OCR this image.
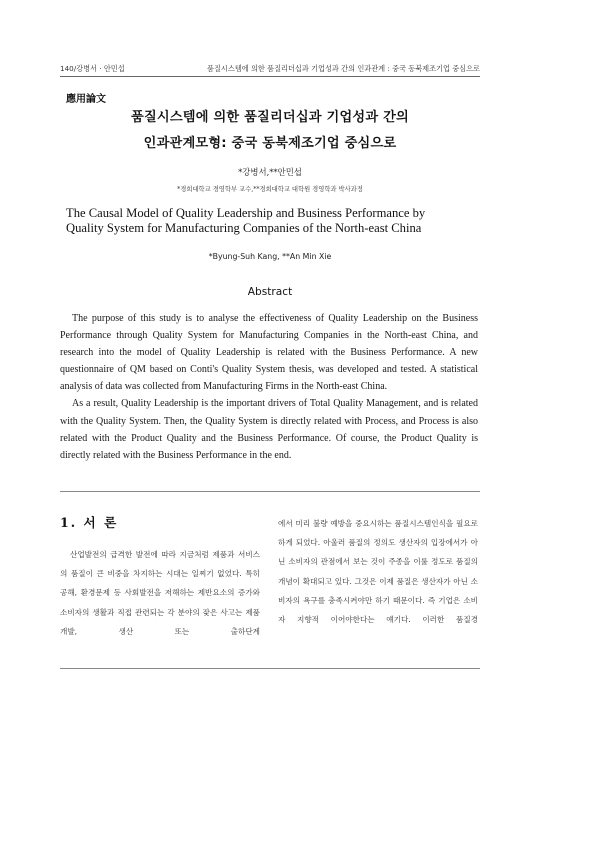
140/강병서 · 안민섭	품질시스템에 의한 품질리더십과 기업성과 간의 인과관계 : 중국 동북제조기업 중심으로
應用論文
품질시스템에 의한 품질리더십과 기업성과 간의
인과관계모형: 중국 동북제조기업 중심으로
*강병서,**안민섭
*경희대학교 경영학부 교수,**경희대학교 대학원 경영학과 박사과정
The Causal Model of Quality Leadership and Business Performance by
Quality System for Manufacturing Companies of the North-east China
*Byung-Suh Kang, **An Min Xie
Abstract

The purpose of this study is to analyse the effectiveness of Quality Leadership on the Business Performance through Quality System for Manufacturing Companies in the North-east China, and research into the model of Quality Leadership is related with the Business Performance. A new questionnaire of QM based on Conti's Quality System thesis, was developed and tested. A statistical analysis of data was collected from Manufacturing Firms in the North-east China.

As a result, Quality Leadership is the important drivers of Total Quality Management, and is related with the Quality System. Then, the Quality System is directly related with Process, and Process is also related with the Product Quality and the Business Performance. Of course, the Product Quality is directly related with the Business Performance in the end.

1. 서 론

산업발전의 급격한 발전에 따라 지금처럼 제품과 서비스의 품질이 큰 비중을 차지하는 시대는 일찌기 없었다. 특히 공해, 환경문제 등 사회발전을 저해하는 제반요소의 증가와 소비자의 생활과 직접 관련되는 각 분야의 잦은 사고는 제품개발, 생산 또는 출하단계

에서 미리 불량 예방을 중요시하는 품질시스템인식을 필요로 하게 되었다. 아울러 품질의 정의도 생산자의 입장에서가 아닌 소비자의 관점에서 보는 것이 주종을 이룰 정도로 품질의 개념이 확대되고 있다. 그것은 이제 품질은 생산자가 아닌 소비자의 욕구를 충족시켜야만 하기 때문이다. 즉 기업은 소비자 지향적 이어야한다는 얘기다. 이러한 품질경
